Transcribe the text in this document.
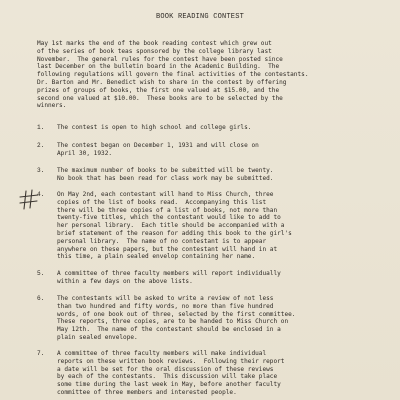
BOOK READING CONTEST
May 1st marks the end of the book reading contest which grew out
of the series of book teas sponsored by the college library last
November.  The general rules for the contest have been posted since
last December on the bulletin board in the Academic Building.  The
following regulations will govern the final activities of the contestants.
Dr. Barton and Mr. Benedict wish to share in the contest by offering
prizes of groups of books, the first one valued at $15.00, and the
second one valued at $10.00.  These books are to be selected by the
winners.
1. The contest is open to high school and college girls.
2. The contest began on December 1, 1931 and will close on
April 30, 1932.
3. The maximum number of books to be submitted will be twenty.
No book that has been read for class work may be submitted.
4. On May 2nd, each contestant will hand to Miss Church, three
copies of the list of books read.  Accompanying this list
there will be three copies of a list of books, not more than
twenty-five titles, which the contestant would like to add to
her personal library.  Each title should be accompanied with a
brief statement of the reason for adding this book to the girl's
personal library.  The name of no contestant is to appear
anywhere on these papers, but the contestant will hand in at
this time, a plain sealed envelop containing her name.
5. A committee of three faculty members will report individually
within a few days on the above lists.
6. The contestants will be asked to write a review of not less
than two hundred and fifty words, no more than five hundred
words, of one book out of three, selected by the first committee.
These reports, three copies, are to be handed to Miss Church on
May 12th.  The name of the contestant should be enclosed in a
plain sealed envelope.
7. A committee of three faculty members will make individual
reports on these written book reviews.  Following their report
a date will be set for the oral discussion of these reviews
by each of the contestants.  This discussion will take place
some time during the last week in May, before another faculty
committee of three members and interested people.
